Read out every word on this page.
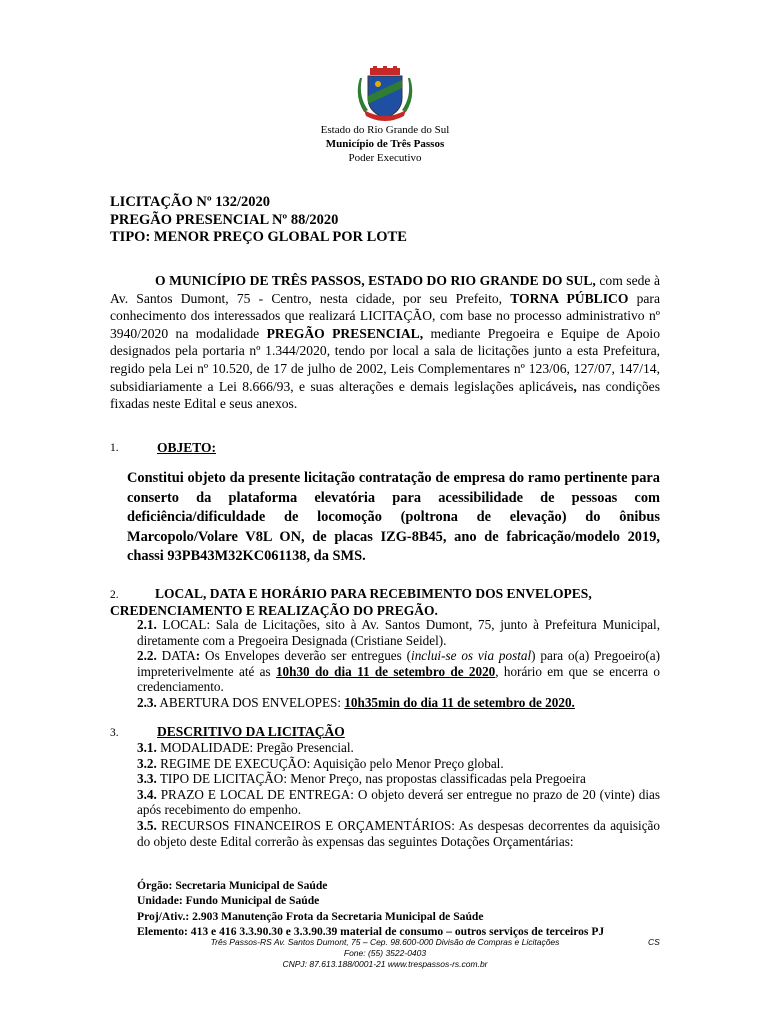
Estado do Rio Grande do Sul
Município de Três Passos
Poder Executivo
LICITAÇÃO Nº 132/2020
PREGÃO PRESENCIAL Nº 88/2020
TIPO: MENOR PREÇO GLOBAL POR LOTE
O MUNICÍPIO DE TRÊS PASSOS, ESTADO DO RIO GRANDE DO SUL, com sede à Av. Santos Dumont, 75 - Centro, nesta cidade, por seu Prefeito, TORNA PÚBLICO para conhecimento dos interessados que realizará LICITAÇÃO, com base no processo administrativo nº 3940/2020 na modalidade PREGÃO PRESENCIAL, mediante Pregoeira e Equipe de Apoio designados pela portaria nº 1.344/2020, tendo por local a sala de licitações junto a esta Prefeitura, regido pela Lei nº 10.520, de 17 de julho de 2002, Leis Complementares nº 123/06, 127/07, 147/14, subsidiariamente a Lei 8.666/93, e suas alterações e demais legislações aplicáveis, nas condições fixadas neste Edital e seus anexos.
1.	OBJETO:
Constitui objeto da presente licitação contratação de empresa do ramo pertinente para conserto da plataforma elevatória para acessibilidade de pessoas com deficiência/dificuldade de locomoção (poltrona de elevação) do ônibus Marcopolo/Volare V8L ON, de placas IZG-8B45, ano de fabricação/modelo 2019, chassi 93PB43M32KC061138, da SMS.
2.	LOCAL, DATA E HORÁRIO PARA RECEBIMENTO DOS ENVELOPES, CREDENCIAMENTO E REALIZAÇÃO DO PREGÃO.
2.1. LOCAL: Sala de Licitações, sito à Av. Santos Dumont, 75, junto à Prefeitura Municipal, diretamente com a Pregoeira Designada (Cristiane Seidel).
2.2. DATA: Os Envelopes deverão ser entregues (inclui-se os via postal) para o(a) Pregoeiro(a) impreterivelmente até as 10h30 do dia 11 de setembro de 2020, horário em que se encerra o credenciamento.
2.3. ABERTURA DOS ENVELOPES: 10h35min do dia 11 de setembro de 2020.
3.	DESCRITIVO DA LICITAÇÃO
3.1. MODALIDADE: Pregão Presencial.
3.2. REGIME DE EXECUÇÃO: Aquisição pelo Menor Preço global.
3.3. TIPO DE LICITAÇÃO: Menor Preço, nas propostas classificadas pela Pregoeira
3.4. PRAZO E LOCAL DE ENTREGA: O objeto deverá ser entregue no prazo de 20 (vinte) dias após recebimento do empenho.
3.5. RECURSOS FINANCEIROS E ORÇAMENTÁRIOS: As despesas decorrentes da aquisição do objeto deste Edital correrão às expensas das seguintes Dotações Orçamentárias:
Órgão: Secretaria Municipal de Saúde
Unidade: Fundo Municipal de Saúde
Proj/Ativ.: 2.903 Manutenção Frota da Secretaria Municipal de Saúde
Elemento: 413 e 416 3.3.90.30 e 3.3.90.39 material de consumo – outros serviços de terceiros PJ
Três Passos-RS Av. Santos Dumont, 75 – Cep. 98.600-000 Divisão de Compras e Licitações
Fone: (55) 3522-0403
CNPJ: 87.613.188/0001-21 www.trespassos-rs.com.br
CS
